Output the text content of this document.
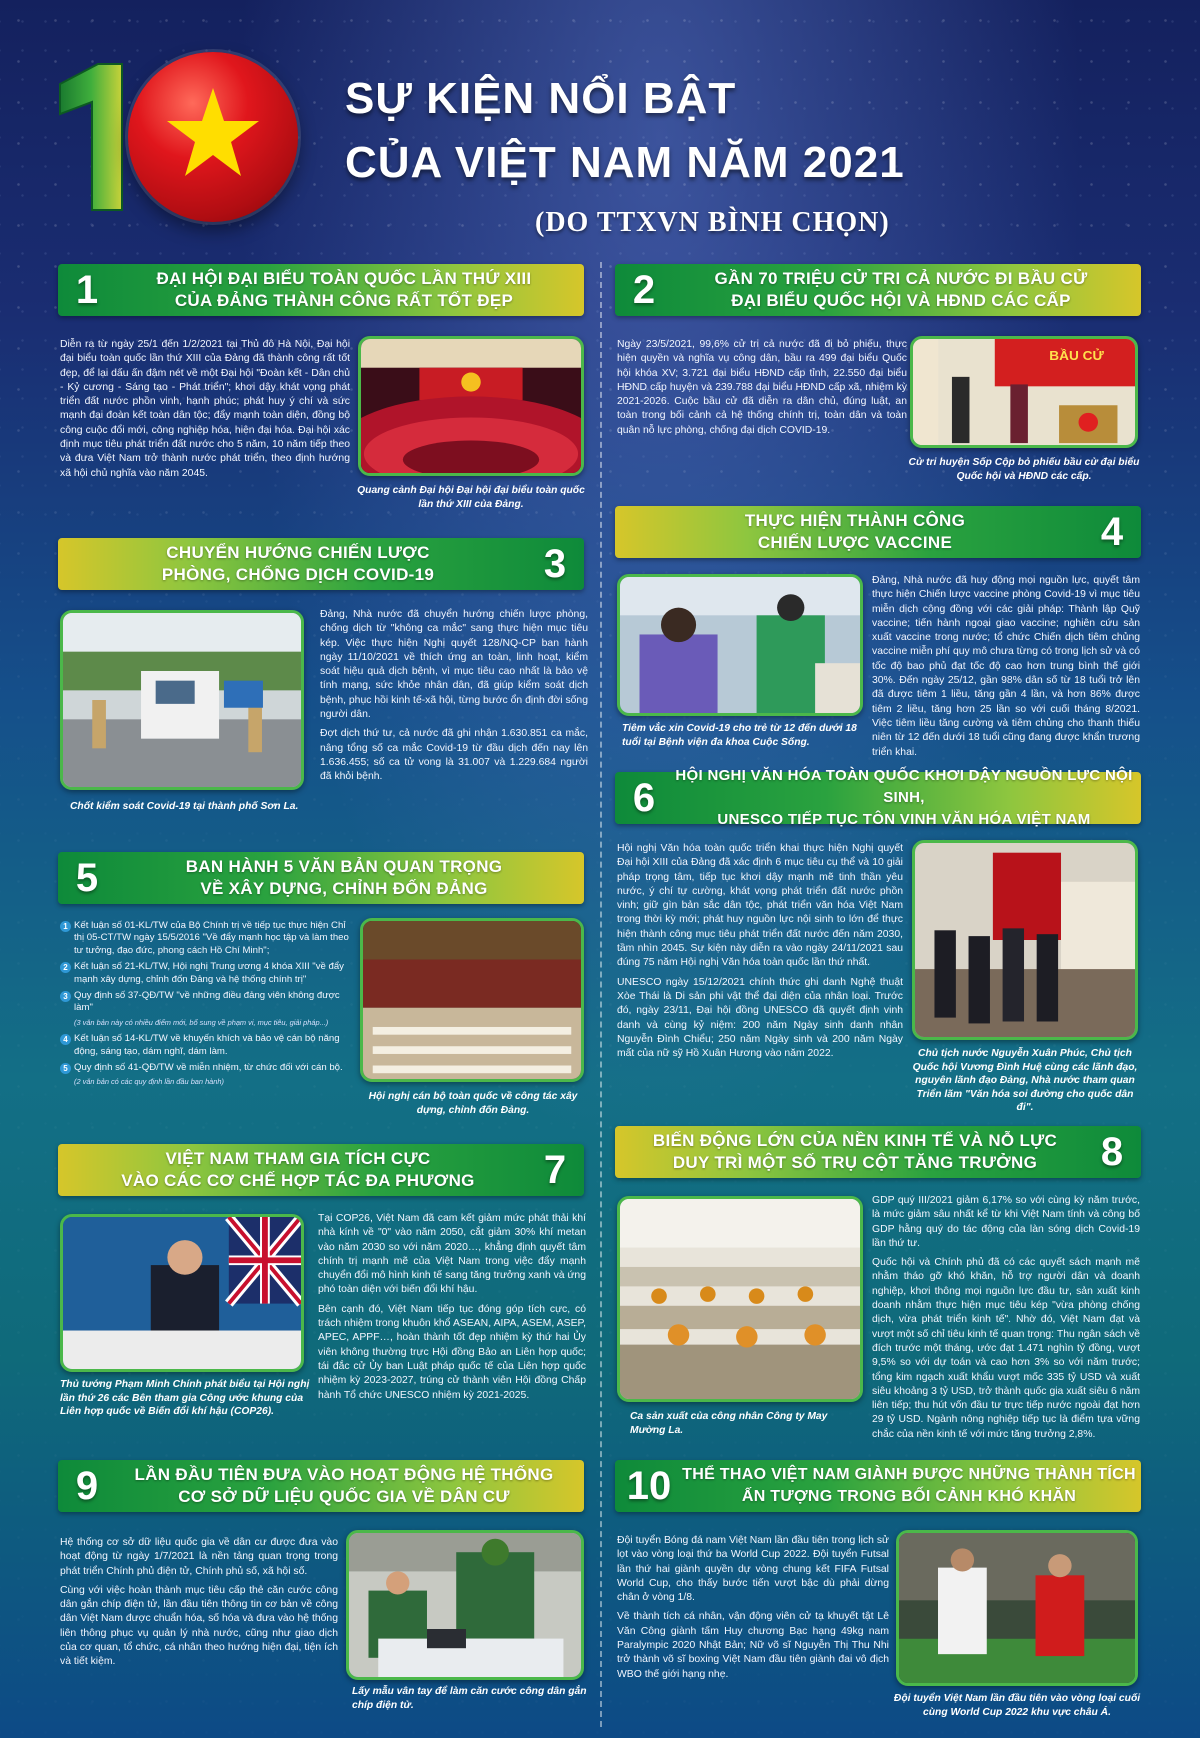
SỰ KIỆN NỔI BẬT
CỦA VIỆT NAM NĂM 2021
(DO TTXVN BÌNH CHỌN)
1	ĐẠI HỘI ĐẠI BIỂU TOÀN QUỐC LẦN THỨ XIII
CỦA ĐẢNG THÀNH CÔNG RẤT TỐT ĐẸP
Diễn ra từ ngày 25/1 đến 1/2/2021 tại Thủ đô Hà Nội, Đại hội đại biểu toàn quốc lần thứ XIII của Đảng đã thành công rất tốt đẹp, để lại dấu ấn đậm nét về một Đại hội "Đoàn kết - Dân chủ - Kỷ cương - Sáng tạo - Phát triển"; khơi dậy khát vọng phát triển đất nước phồn vinh, hạnh phúc; phát huy ý chí và sức mạnh đại đoàn kết toàn dân tộc; đẩy mạnh toàn diện, đồng bộ công cuộc đổi mới, công nghiệp hóa, hiện đại hóa. Đại hội xác định mục tiêu phát triển đất nước cho 5 năm, 10 năm tiếp theo và đưa Việt Nam trở thành nước phát triển, theo định hướng xã hội chủ nghĩa vào năm 2045.
Quang cảnh Đại hội Đại hội đại biểu toàn quốc lần thứ XIII của Đảng.
2	GẦN 70 TRIỆU CỬ TRI CẢ NƯỚC ĐI BẦU CỬ
ĐẠI BIỂU QUỐC HỘI VÀ HĐND CÁC CẤP
Ngày 23/5/2021, 99,6% cử tri cả nước đã đi bỏ phiếu, thực hiện quyền và nghĩa vụ công dân, bầu ra 499 đại biểu Quốc hội khóa XV; 3.721 đại biểu HĐND cấp tỉnh, 22.550 đại biểu HĐND cấp huyện và 239.788 đại biểu HĐND cấp xã, nhiệm kỳ 2021-2026. Cuộc bầu cử đã diễn ra dân chủ, đúng luật, an toàn trong bối cảnh cả hệ thống chính trị, toàn dân và toàn quân nỗ lực phòng, chống đại dịch COVID-19.
BẦU CỬ
Cử tri huyện Sốp Cộp bỏ phiếu bầu cử đại biểu Quốc hội và HĐND các cấp.
CHUYỂN HƯỚNG CHIẾN LƯỢC
PHÒNG, CHỐNG DỊCH COVID-19	3
Chốt kiểm soát Covid-19 tại thành phố Sơn La.

Đảng, Nhà nước đã chuyển hướng chiến lược phòng, chống dịch từ "không ca mắc" sang thực hiện mục tiêu kép. Việc thực hiện Nghị quyết 128/NQ-CP ban hành ngày 11/10/2021 về thích ứng an toàn, linh hoạt, kiểm soát hiệu quả dịch bệnh, vì mục tiêu cao nhất là bảo vệ tính mạng, sức khỏe nhân dân, đã giúp kiểm soát dịch bệnh, phục hồi kinh tế-xã hội, từng bước ổn định đời sống người dân.

Đợt dịch thứ tư, cả nước đã ghi nhận 1.630.851 ca mắc, nâng tổng số ca mắc Covid-19 từ đầu dịch đến nay lên 1.636.455; số ca tử vong là 31.007 và 1.229.684 người đã khỏi bệnh.

THỰC HIỆN THÀNH CÔNG
CHIẾN LƯỢC VACCINE	4
Tiêm vắc xin Covid-19 cho trẻ từ 12 đến dưới 18 tuổi tại Bệnh viện đa khoa Cuộc Sống.
Đảng, Nhà nước đã huy động mọi nguồn lực, quyết tâm thực hiện Chiến lược vaccine phòng Covid-19 vì mục tiêu miễn dịch cộng đồng với các giải pháp: Thành lập Quỹ vaccine; tiến hành ngoại giao vaccine; nghiên cứu sản xuất vaccine trong nước; tổ chức Chiến dịch tiêm chủng vaccine miễn phí quy mô chưa từng có trong lịch sử và có tốc độ bao phủ đạt tốc độ cao hơn trung bình thế giới 30%. Đến ngày 25/12, gần 98% dân số từ 18 tuổi trở lên đã được tiêm 1 liều, tăng gần 4 lần, và hơn 86% được tiêm 2 liều, tăng hơn 25 lần so với cuối tháng 8/2021. Việc tiêm liều tăng cường và tiêm chủng cho thanh thiếu niên từ 12 đến dưới 18 tuổi cũng đang được khẩn trương triển khai.
5	BAN HÀNH 5 VĂN BẢN QUAN TRỌNG
VỀ XÂY DỰNG, CHỈNH ĐỐN ĐẢNG
1 Kết luận số 01-KL/TW của Bộ Chính trị về tiếp tục thực hiện Chỉ thị 05-CT/TW ngày 15/5/2016 "Về đẩy mạnh học tập và làm theo tư tưởng, đạo đức, phong cách Hồ Chí Minh";
2 Kết luận số 21-KL/TW, Hội nghị Trung ương 4 khóa XIII "về đẩy mạnh xây dựng, chỉnh đốn Đảng và hệ thống chính trị"
3 Quy định số 37-QĐ/TW "về những điều đảng viên không được làm"
(3 văn bản này có nhiều điểm mới, bổ sung về phạm vi, mục tiêu, giải pháp...)
4 Kết luận số 14-KL/TW về khuyến khích và bảo vệ cán bộ năng động, sáng tạo, dám nghĩ, dám làm.
5 Quy định số 41-QĐ/TW về miễn nhiệm, từ chức đối với cán bộ.
(2 văn bản có các quy định lần đầu ban hành)
Hội nghị cán bộ toàn quốc về công tác xây dựng, chỉnh đốn Đảng.
6	HỘI NGHỊ VĂN HÓA TOÀN QUỐC KHƠI DẬY NGUỒN LỰC NỘI SINH,
UNESCO TIẾP TỤC TÔN VINH VĂN HÓA VIỆT NAM

Hội nghị Văn hóa toàn quốc triển khai thực hiện Nghị quyết Đại hội XIII của Đảng đã xác định 6 mục tiêu cụ thể và 10 giải pháp trọng tâm, tiếp tục khơi dậy mạnh mẽ tinh thần yêu nước, ý chí tự cường, khát vọng phát triển đất nước phồn vinh; giữ gìn bản sắc dân tộc, phát triển văn hóa Việt Nam trong thời kỳ mới; phát huy nguồn lực nội sinh to lớn để thực hiện thành công mục tiêu phát triển đất nước đến năm 2030, tầm nhìn 2045. Sự kiện này diễn ra vào ngày 24/11/2021 sau đúng 75 năm Hội nghị Văn hóa toàn quốc lần thứ nhất.

UNESCO ngày 15/12/2021 chính thức ghi danh Nghệ thuật Xòe Thái là Di sản phi vật thể đại diện của nhân loại. Trước đó, ngày 23/11, Đại hội đồng UNESCO đã quyết định vinh danh và cùng kỷ niệm: 200 năm Ngày sinh danh nhân Nguyễn Đình Chiểu; 250 năm Ngày sinh và 200 năm Ngày mất của nữ sỹ Hồ Xuân Hương vào năm 2022.	Chủ tịch nước Nguyễn Xuân Phúc, Chủ tịch Quốc hội Vương Đình Huệ cùng các lãnh đạo, nguyên lãnh đạo Đảng, Nhà nước tham quan Triển lãm "Văn hóa soi đường cho quốc dân đi".
VIỆT NAM THAM GIA TÍCH CỰC
VÀO CÁC CƠ CHẾ HỢP TÁC ĐA PHƯƠNG	7
Thủ tướng Phạm Minh Chính phát biểu tại Hội nghị lần thứ 26 các Bên tham gia Công ước khung của Liên hợp quốc về Biến đổi khí hậu (COP26).

Tại COP26, Việt Nam đã cam kết giảm mức phát thải khí nhà kính về "0" vào năm 2050, cắt giảm 30% khí metan vào năm 2030 so với năm 2020…, khẳng định quyết tâm chính trị mạnh mẽ của Việt Nam trong việc đẩy mạnh chuyển đổi mô hình kinh tế sang tăng trưởng xanh và ứng phó toàn diện với biến đổi khí hậu.

Bên cạnh đó, Việt Nam tiếp tục đóng góp tích cực, có trách nhiệm trong khuôn khổ ASEAN, AIPA, ASEM, ASEP, APEC, APPF…, hoàn thành tốt đẹp nhiệm kỳ thứ hai Ủy viên không thường trực Hội đồng Bảo an Liên hợp quốc; tái đắc cử Ủy ban Luật pháp quốc tế của Liên hợp quốc nhiệm kỳ 2023-2027, trúng cử thành viên Hội đồng Chấp hành Tổ chức UNESCO nhiệm kỳ 2021-2025.

BIẾN ĐỘNG LỚN CỦA NỀN KINH TẾ VÀ NỖ LỰC
DUY TRÌ MỘT SỐ TRỤ CỘT TĂNG TRƯỞNG	8
Ca sản xuất của công nhân Công ty May Mường La.

GDP quý III/2021 giảm 6,17% so với cùng kỳ năm trước, là mức giảm sâu nhất kể từ khi Việt Nam tính và công bố GDP hằng quý do tác động của làn sóng dịch Covid-19 lần thứ tư.

Quốc hội và Chính phủ đã có các quyết sách mạnh mẽ nhằm tháo gỡ khó khăn, hỗ trợ người dân và doanh nghiệp, khơi thông mọi nguồn lực đầu tư, sản xuất kinh doanh nhằm thực hiện mục tiêu kép "vừa phòng chống dịch, vừa phát triển kinh tế". Nhờ đó, Việt Nam đạt và vượt một số chỉ tiêu kinh tế quan trọng: Thu ngân sách về đích trước một tháng, ước đạt 1.471 nghìn tỷ đồng, vượt 9,5% so với dự toán và cao hơn 3% so với năm trước; tổng kim ngạch xuất khẩu vượt mốc 335 tỷ USD và xuất siêu khoảng 3 tỷ USD, trở thành quốc gia xuất siêu 6 năm liên tiếp; thu hút vốn đầu tư trực tiếp nước ngoài đạt hơn 29 tỷ USD. Ngành nông nghiệp tiếp tục là điểm tựa vững chắc của nền kinh tế với mức tăng trưởng 2,8%.

9	LẦN ĐẦU TIÊN ĐƯA VÀO HOẠT ĐỘNG HỆ THỐNG
CƠ SỞ DỮ LIỆU QUỐC GIA VỀ DÂN CƯ

Hệ thống cơ sở dữ liệu quốc gia về dân cư được đưa vào hoạt động từ ngày 1/7/2021 là nền tảng quan trọng trong phát triển Chính phủ điện tử, Chính phủ số, xã hội số.

Cùng với việc hoàn thành mục tiêu cấp thẻ căn cước công dân gắn chíp điện tử, lần đầu tiên thông tin cơ bản về công dân Việt Nam được chuẩn hóa, số hóa và đưa vào hệ thống liên thông phục vụ quản lý nhà nước, cũng như giao dịch của cơ quan, tổ chức, cá nhân theo hướng hiện đại, tiện ích và tiết kiệm.

Lấy mẫu vân tay để làm căn cước công dân gắn chíp điện tử.
10 THỂ THAO VIỆT NAM GIÀNH ĐƯỢC NHỮNG THÀNH TÍCH
ẤN TƯỢNG TRONG BỐI CẢNH KHÓ KHĂN

Đội tuyển Bóng đá nam Việt Nam lần đầu tiên trong lịch sử lọt vào vòng loại thứ ba World Cup 2022. Đội tuyển Futsal lần thứ hai giành quyền dự vòng chung kết FIFA Futsal World Cup, cho thấy bước tiến vượt bậc dù phải dừng chân ở vòng 1/8.

Về thành tích cá nhân, vận động viên cử tạ khuyết tật Lê Văn Công giành tấm Huy chương Bạc hạng 49kg nam Paralympic 2020 Nhật Bản; Nữ võ sĩ Nguyễn Thị Thu Nhi trở thành võ sĩ boxing Việt Nam đầu tiên giành đai vô địch WBO thế giới hạng nhẹ.

Đội tuyển Việt Nam lần đầu tiên vào vòng loại cuối cùng World Cup 2022 khu vực châu Á.
